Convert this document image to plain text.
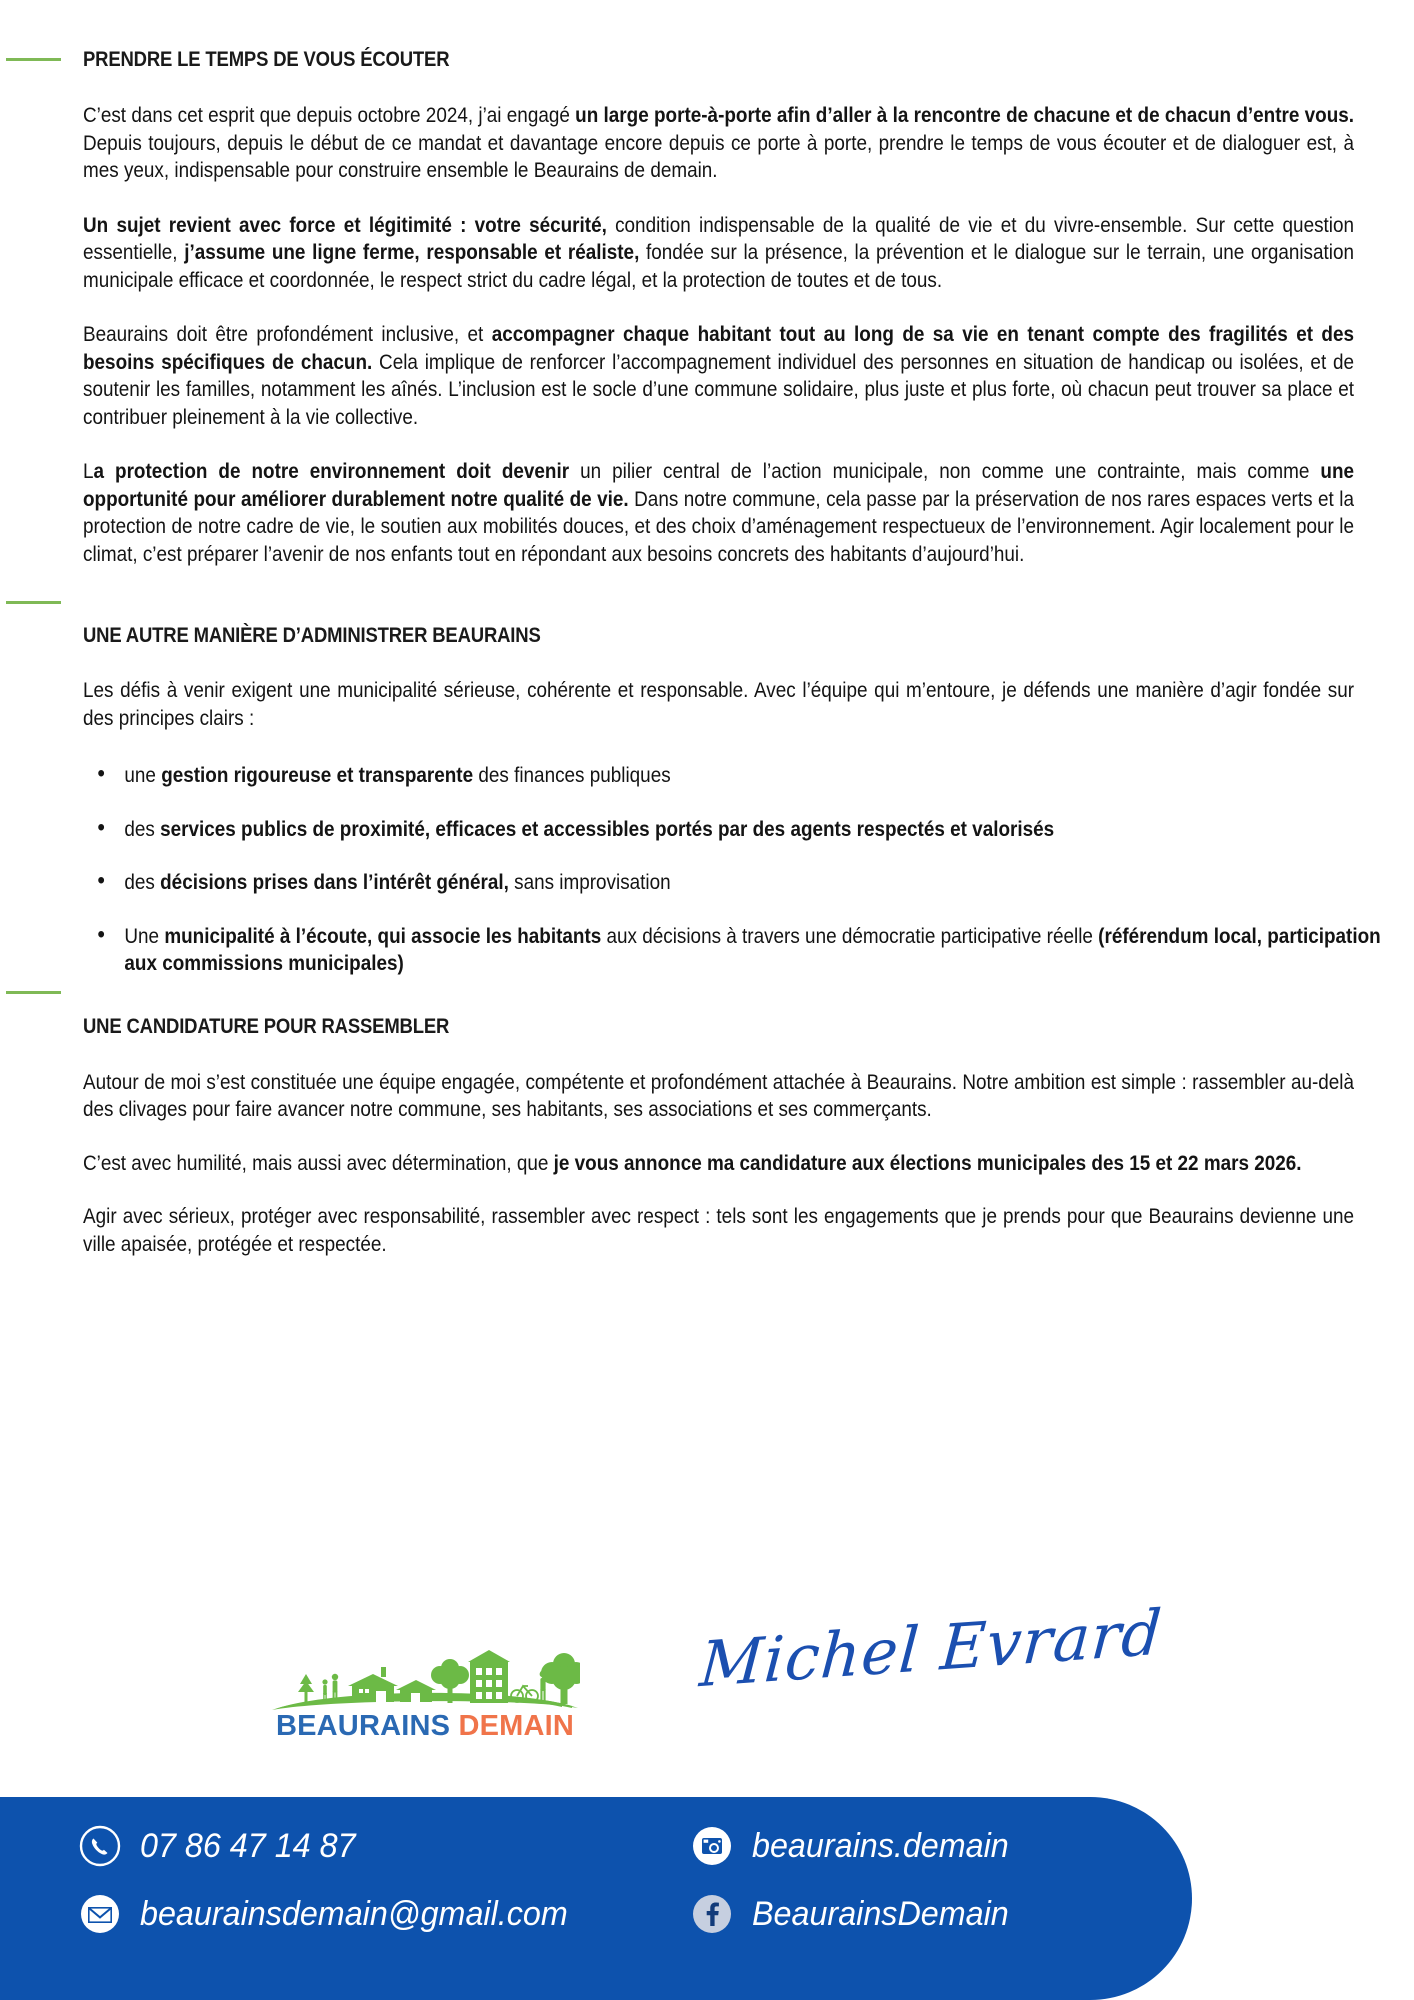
PRENDRE LE TEMPS DE VOUS ÉCOUTER

C’est dans cet esprit que depuis octobre 2024, j’ai engagé un large porte-à-porte afin d’aller à la rencontre de chacune et de chacun d’entre vous. Depuis toujours, depuis le début de ce mandat et davantage encore depuis ce porte à porte, prendre le temps de vous écouter et de dialoguer est, à mes yeux, indispensable pour construire ensemble le Beaurains de demain.

Un sujet revient avec force et légitimité : votre sécurité, condition indispensable de la qualité de vie et du vivre-ensemble. Sur cette question essentielle, j’assume une ligne ferme, responsable et réaliste, fondée sur la présence, la prévention et le dialogue sur le terrain, une organisation municipale efficace et coordonnée, le respect strict du cadre légal, et la protection de toutes et de tous.

Beaurains doit être profondément inclusive, et accompagner chaque habitant tout au long de sa vie en tenant compte des fragilités et des besoins spécifiques de chacun. Cela implique de renforcer l’accompagnement individuel des personnes en situation de handicap ou isolées, et de soutenir les familles, notamment les aînés. L’inclusion est le socle d’une commune solidaire, plus juste et plus forte, où chacun peut trouver sa place et contribuer pleinement à la vie collective.

La protection de notre environnement doit devenir un pilier central de l’action municipale, non comme une contrainte, mais comme une opportunité pour améliorer durablement notre qualité de vie. Dans notre commune, cela passe par la préservation de nos rares espaces verts et la protection de notre cadre de vie, le soutien aux mobilités douces, et des choix d’aménagement respectueux de l’environnement. Agir localement pour le climat, c’est préparer l’avenir de nos enfants tout en répondant aux besoins concrets des habitants d’aujourd’hui.

UNE AUTRE MANIÈRE D’ADMINISTRER BEAURAINS

Les défis à venir exigent une municipalité sérieuse, cohérente et responsable. Avec l’équipe qui m’entoure, je défends une manière d’agir fondée sur des principes clairs :

• une gestion rigoureuse et transparente des finances publiques
• des services publics de proximité, efficaces et accessibles portés par des agents respectés et valorisés
• des décisions prises dans l’intérêt général, sans improvisation
• Une municipalité à l’écoute, qui associe les habitants aux décisions à travers une démocratie participative réelle (référendum local, participation aux commissions municipales)
UNE CANDIDATURE POUR RASSEMBLER

Autour de moi s’est constituée une équipe engagée, compétente et profondément attachée à Beaurains. Notre ambition est simple : rassembler au-delà des clivages pour faire avancer notre commune, ses habitants, ses associations et ses commerçants.

C’est avec humilité, mais aussi avec détermination, que je vous annonce ma candidature aux élections municipales des 15 et 22 mars 2026.

Agir avec sérieux, protéger avec responsabilité, rassembler avec respect : tels sont les engagements que je prends pour que Beaurains devienne une ville apaisée, protégée et respectée.

BEAURAINS DEMAIN
Michel Evrard
07 86 47 14 87
beaurainsdemain@gmail.com
beaurains.demain
BeaurainsDemain
